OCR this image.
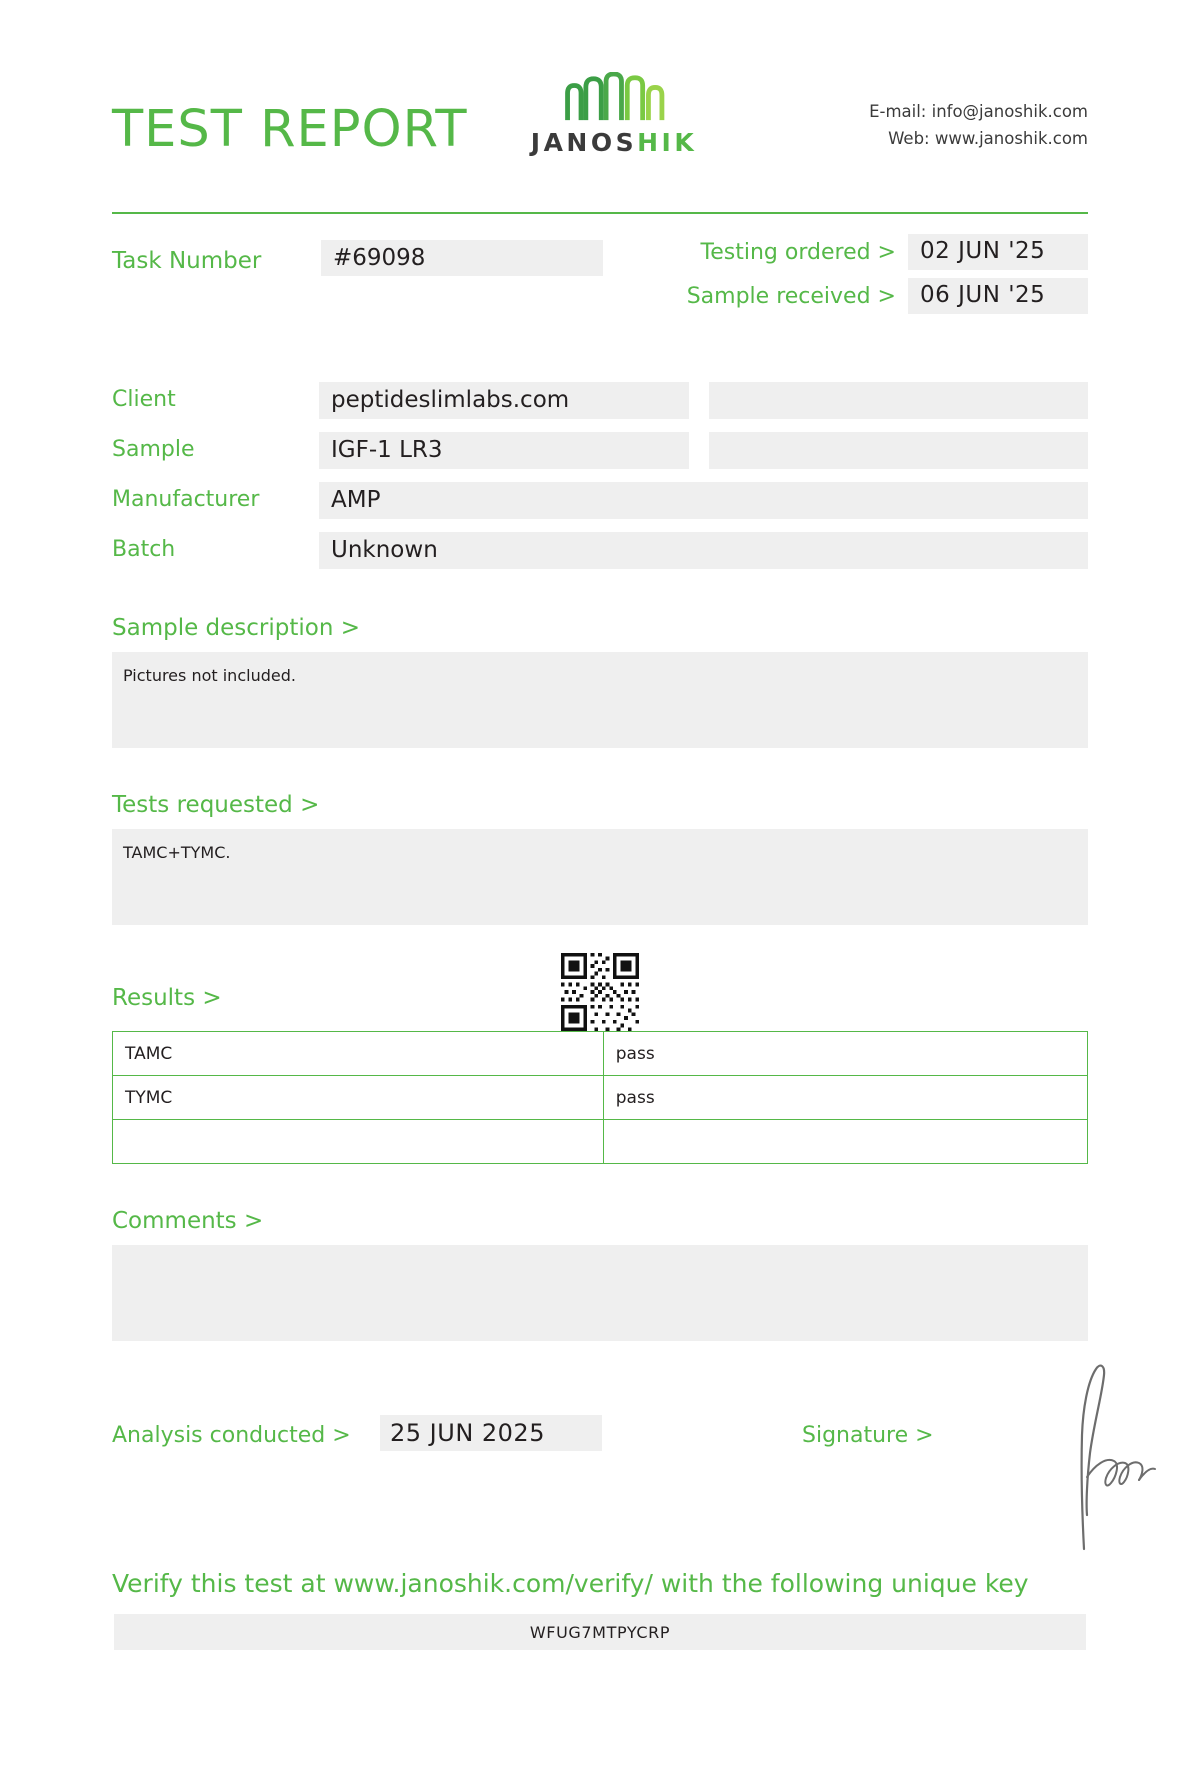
TEST REPORT	JANOSHIK
E-mail: info@janoshik.com
Web: www.janoshik.com
Task Number	#69098	Testing ordered >	02 JUN '25
Sample received >	06 JUN '25
Client	peptideslimlabs.com
Sample	IGF-1 LR3
Manufacturer	AMP
Batch	Unknown
Sample description >
Pictures not included.
Tests requested >
TAMC+TYMC.
Results >
TAMC	pass
TYMC	pass

Comments >
Analysis conducted >	25 JUN 2025	Signature >
Verify this test at www.janoshik.com/verify/ with the following unique key
WFUG7MTPYCRP
